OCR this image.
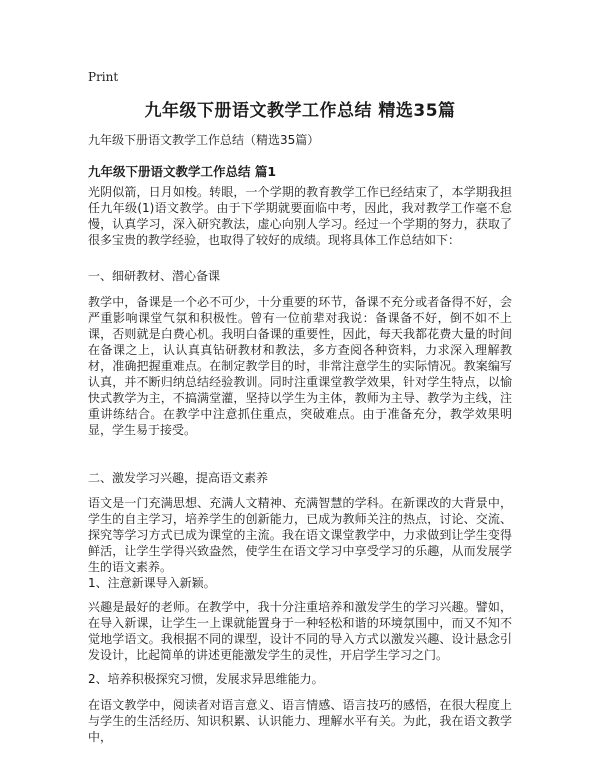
Print
九年级下册语文教学工作总结 精选35篇
九年级下册语文教学工作总结（精选35篇）
九年级下册语文教学工作总结 篇1

光阴似箭，日月如梭。转眼，一个学期的教育教学工作已经结束了，本学期我担任九年级(1)语文教学。由于下学期就要面临中考，因此，我对教学工作毫不怠慢，认真学习，深入研究教法，虚心向别人学习。经过一个学期的努力，获取了很多宝贵的教学经验，也取得了较好的成绩。现将具体工作总结如下：

一、细研教材、潜心备课

教学中，备课是一个必不可少，十分重要的环节，备课不充分或者备得不好，会严重影响课堂气氛和积极性。曾有一位前辈对我说：备课备不好，倒不如不上课，否则就是白费心机。我明白备课的重要性，因此，每天我都花费大量的时间在备课之上，认认真真钻研教材和教法，多方查阅各种资料，力求深入理解教材，准确把握重难点。在制定教学目的时，非常注意学生的实际情况。教案编写认真，并不断归纳总结经验教训。同时注重课堂教学效果，针对学生特点，以愉快式教学为主，不搞满堂灌，坚持以学生为主体，教师为主导、教学为主线，注重讲练结合。在教学中注意抓住重点，突破难点。由于准备充分，教学效果明显，学生易于接受。

二、激发学习兴趣，提高语文素养

语文是一门充满思想、充满人文精神、充满智慧的学科。在新课改的大背景中，学生的自主学习，培养学生的创新能力，已成为教师关注的热点，讨论、交流、探究等学习方式已成为课堂的主流。我在语文课堂教学中，力求做到让学生变得鲜活，让学生学得兴致盎然，使学生在语文学习中享受学习的乐趣，从而发展学生的语文素养。

1、注意新课导入新颖。

兴趣是最好的老师。在教学中，我十分注重培养和激发学生的学习兴趣。譬如，在导入新课，让学生一上课就能置身于一种轻松和谐的环境氛围中，而又不知不觉地学语文。我根据不同的课型，设计不同的导入方式以激发兴趣、设计悬念引发设计，比起简单的讲述更能激发学生的灵性，开启学生学习之门。

2、培养积极探究习惯，发展求异思维能力。

在语文教学中，阅读者对语言意义、语言情感、语言技巧的感悟，在很大程度上与学生的生活经历、知识积累、认识能力、理解水平有关。为此，我在语文教学中，
